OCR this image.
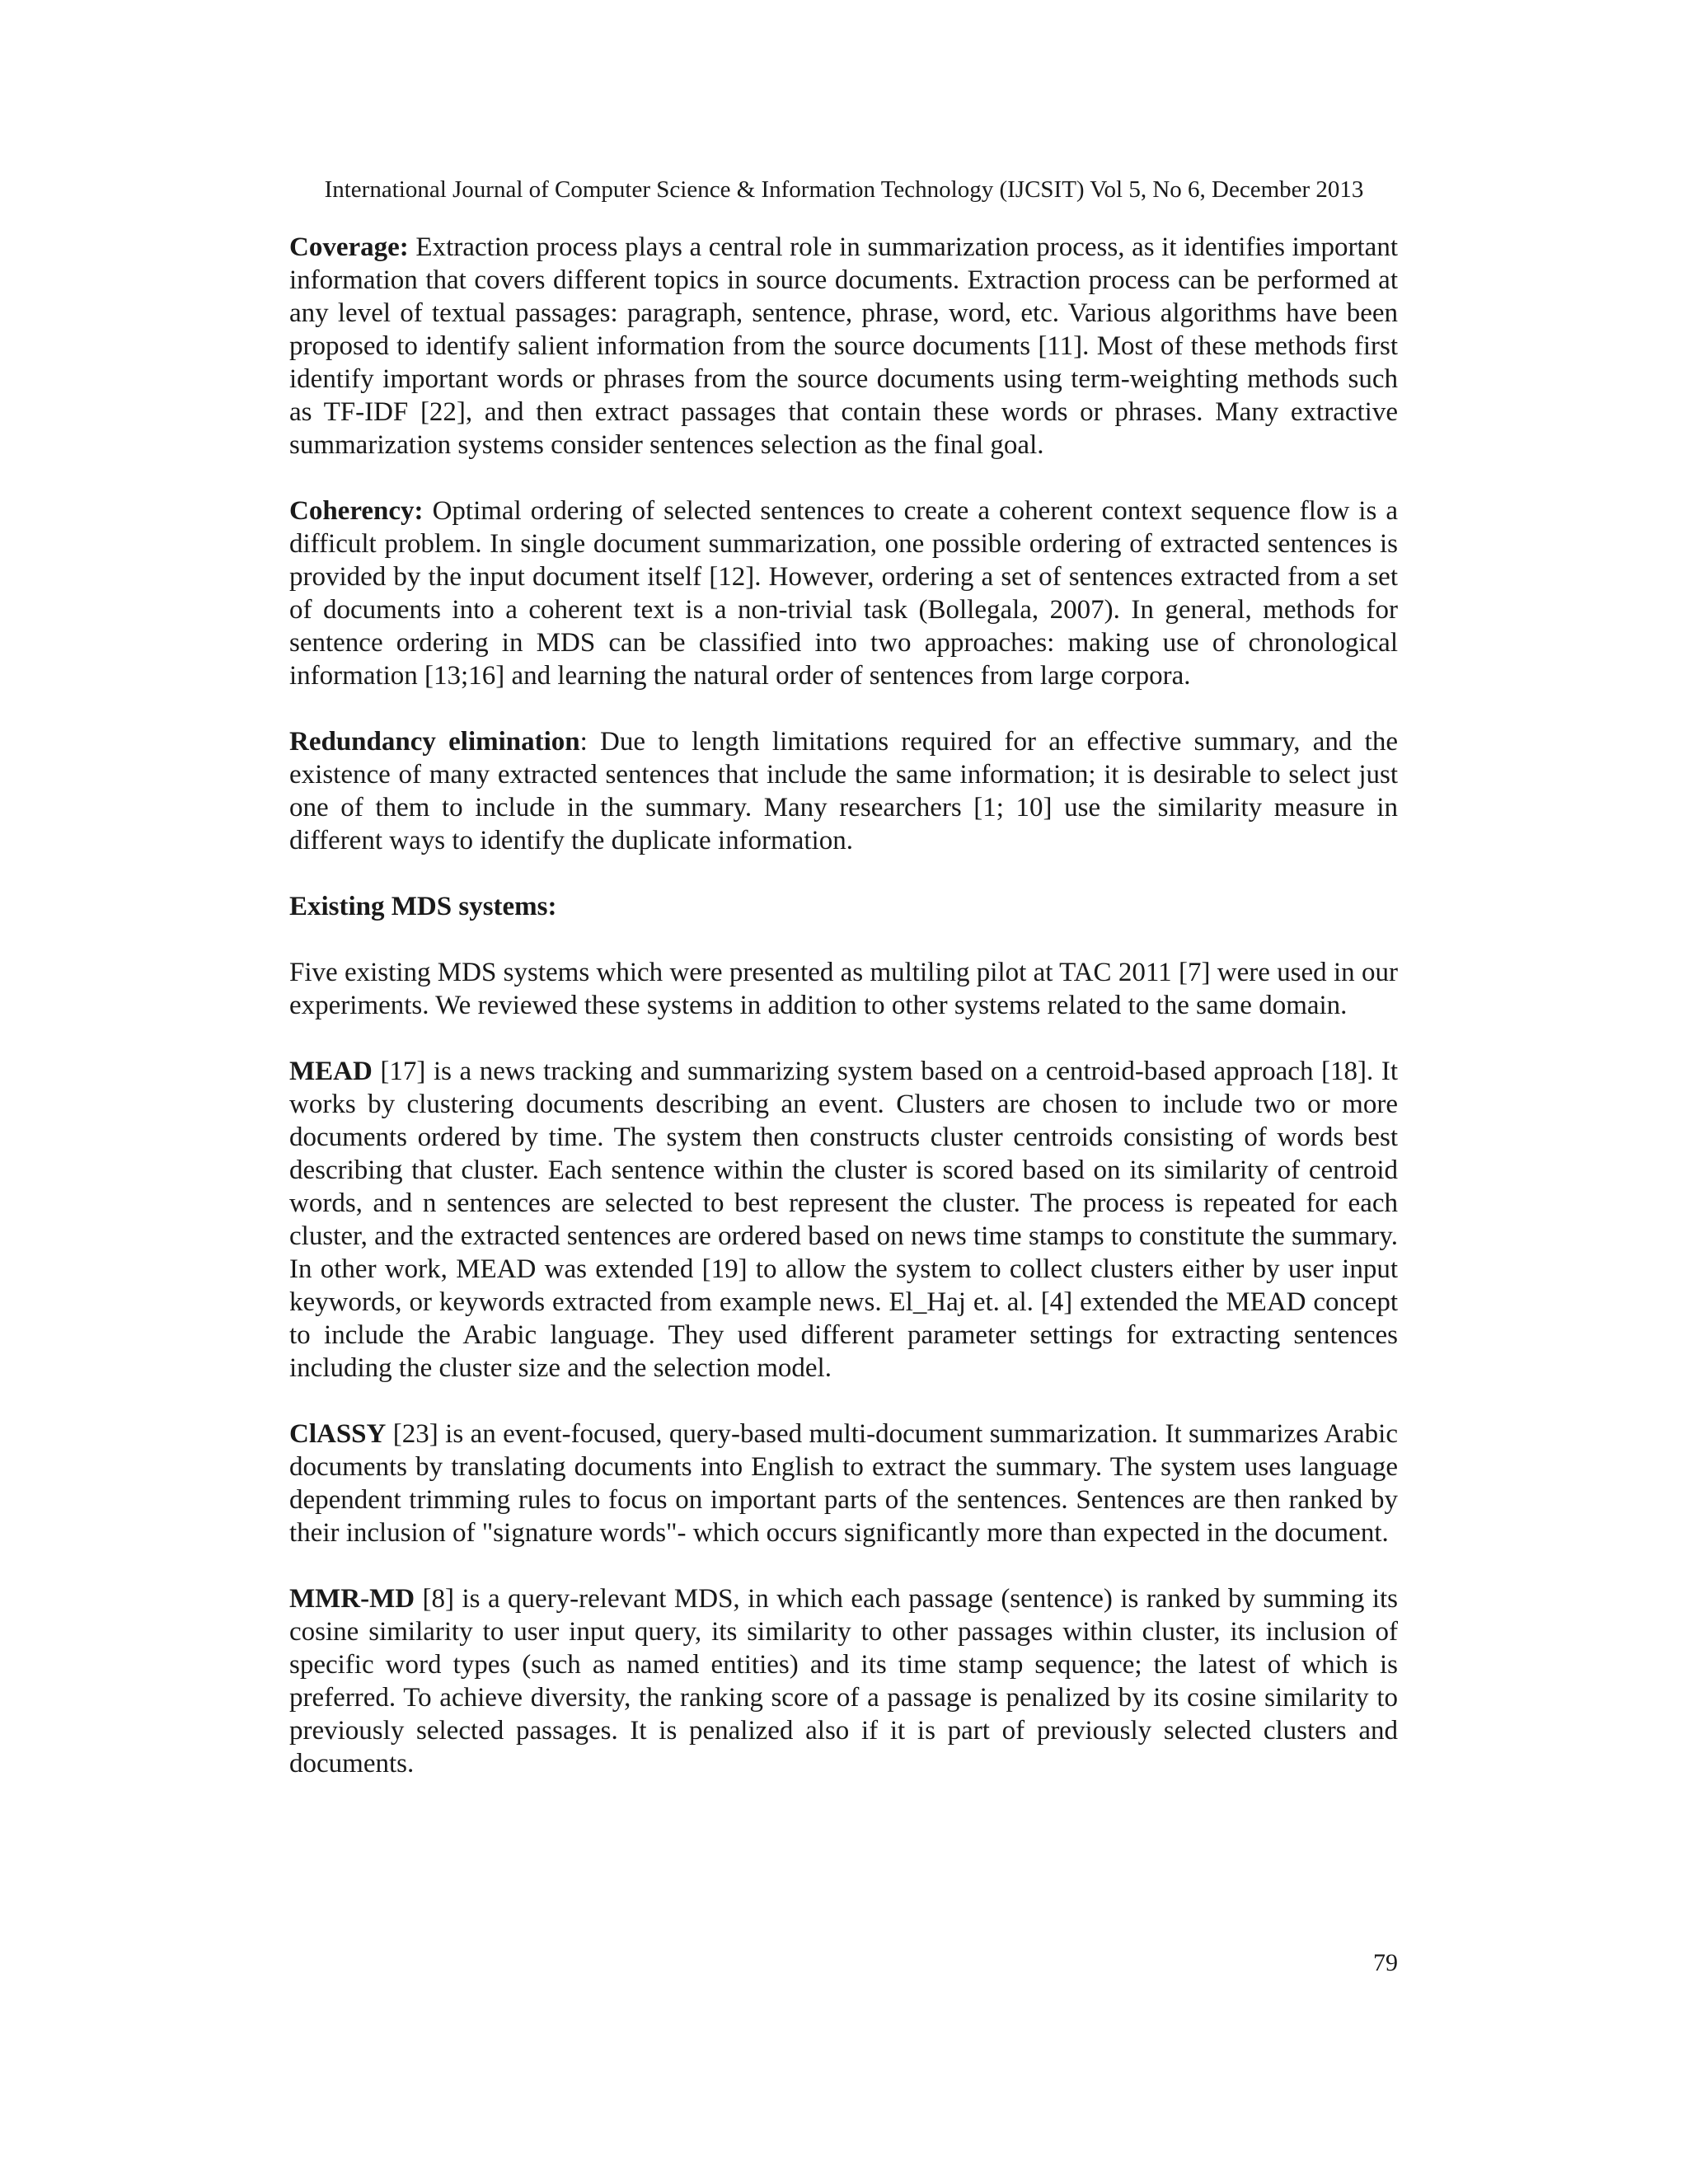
International Journal of Computer Science & Information Technology (IJCSIT) Vol 5, No 6, December 2013

Coverage: Extraction process plays a central role in summarization process, as it identifies important information that covers different topics in source documents. Extraction process can be performed at any level of textual passages: paragraph, sentence, phrase, word, etc. Various algorithms have been proposed to identify salient information from the source documents [11]. Most of these methods first identify important words or phrases from the source documents using term-weighting methods such as TF-IDF [22], and then extract passages that contain these words or phrases. Many extractive summarization systems consider sentences selection as the final goal.

Coherency: Optimal ordering of selected sentences to create a coherent context sequence flow is a difficult problem. In single document summarization, one possible ordering of extracted sentences is provided by the input document itself [12]. However, ordering a set of sentences extracted from a set of documents into a coherent text is a non-trivial task (Bollegala, 2007). In general, methods for sentence ordering in MDS can be classified into two approaches: making use of chronological information [13;16] and learning the natural order of sentences from large corpora.

Redundancy elimination: Due to length limitations required for an effective summary, and the existence of many extracted sentences that include the same information; it is desirable to select just one of them to include in the summary. Many researchers [1; 10] use the similarity measure in different ways to identify the duplicate information.

Existing MDS systems:

Five existing MDS systems which were presented as multiling pilot at TAC 2011 [7] were used in our experiments. We reviewed these systems in addition to other systems related to the same domain.

MEAD [17] is a news tracking and summarizing system based on a centroid-based approach [18]. It works by clustering documents describing an event. Clusters are chosen to include two or more documents ordered by time. The system then constructs cluster centroids consisting of words best describing that cluster. Each sentence within the cluster is scored based on its similarity of centroid words, and n sentences are selected to best represent the cluster. The process is repeated for each cluster, and the extracted sentences are ordered based on news time stamps to constitute the summary. In other work, MEAD was extended [19] to allow the system to collect clusters either by user input keywords, or keywords extracted from example news. El_Haj et. al. [4] extended the MEAD concept to include the Arabic language. They used different parameter settings for extracting sentences including the cluster size and the selection model.

ClASSY [23] is an event-focused, query-based multi-document summarization. It summarizes Arabic documents by translating documents into English to extract the summary. The system uses language dependent trimming rules to focus on important parts of the sentences. Sentences are then ranked by their inclusion of "signature words"- which occurs significantly more than expected in the document.

MMR-MD [8] is a query-relevant MDS, in which each passage (sentence) is ranked by summing its cosine similarity to user input query, its similarity to other passages within cluster, its inclusion of specific word types (such as named entities) and its time stamp sequence; the latest of which is preferred. To achieve diversity, the ranking score of a passage is penalized by its cosine similarity to previously selected passages. It is penalized also if it is part of previously selected clusters and documents.

79
